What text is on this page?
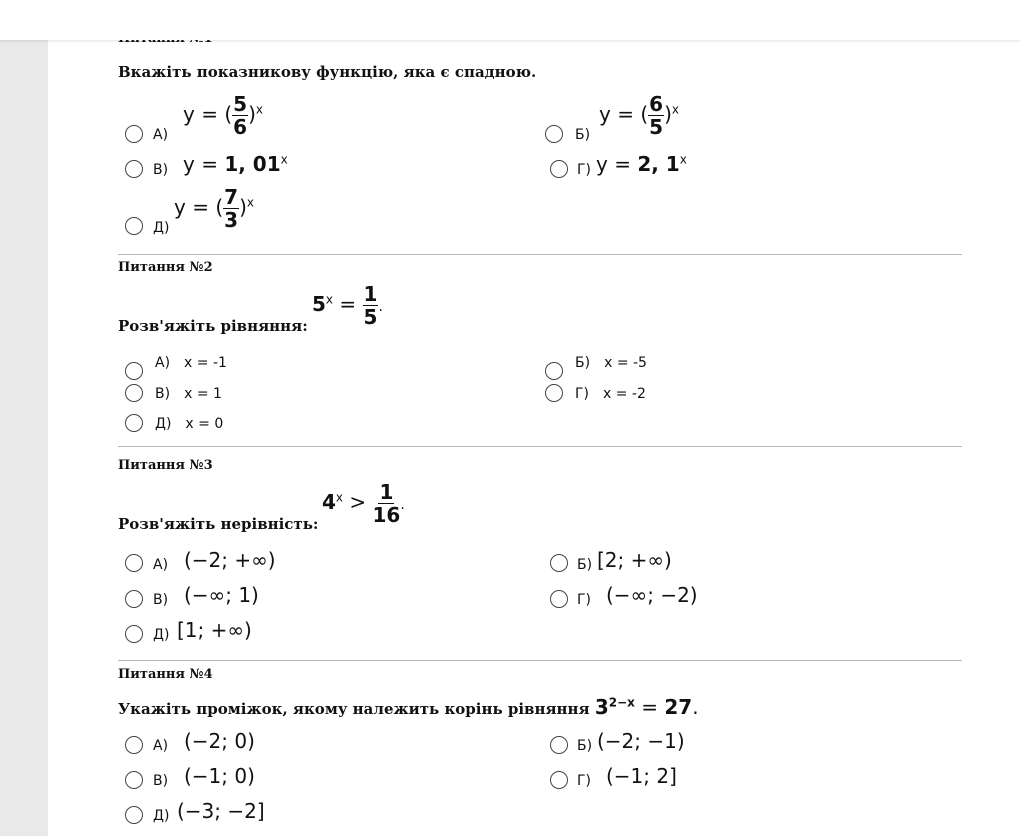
Вкажіть показникову функцію, яка є спадною.
А)
y = ( $\frac{5}{6} )^x$
Б)
y = ( $\frac{6}{5} )^x$
В) y = 1, 01$^x$
Г) y = 2, 1$^x$
Д)
y = ( $\frac{7}{3} )^x$
Питання №2
Розв'яжіть рівняння:
$5^x = \frac{1}{5}$ .
А) x = -1	Б) x = -5
В) x = 1	Г) x = -2
Д) x = 0
Питання №3
Розв'яжіть нерівність:
$4^x > \frac{1}{16}$ .
А) (−2; +∞)	Б) [2; +∞)
В) (−∞; 1)	Г) (−∞; −2)
Д) [1; +∞)
Питання №4
Укажіть проміжок, якому належить корінь рівняння $3^{2-x} = 27$.
А) (−2; 0)	Б) (−2; −1)
В) (−1; 0)	Г) (−1; 2]
Д) (−3; −2]
